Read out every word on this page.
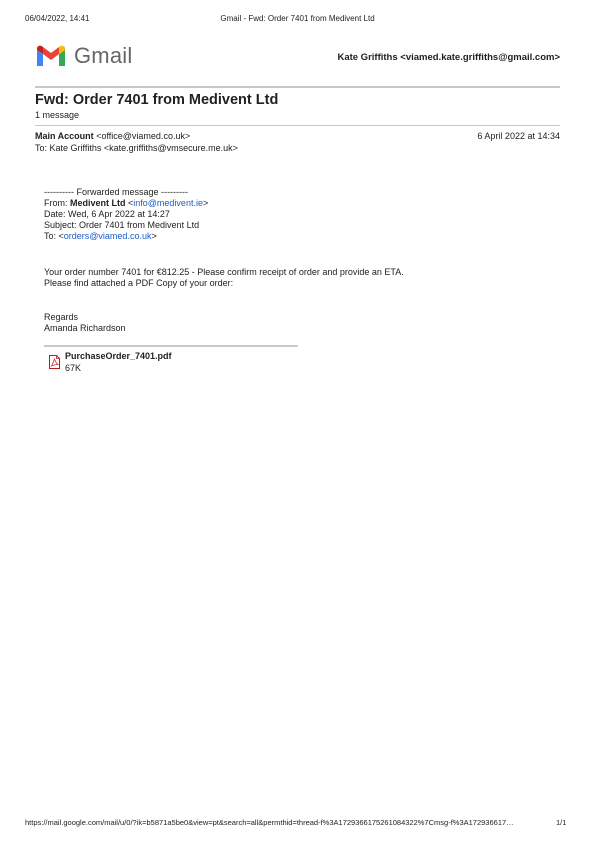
06/04/2022, 14:41	Gmail - Fwd: Order 7401 from Medivent Ltd
Gmail	Kate Griffiths <viamed.kate.griffiths@gmail.com>
Fwd: Order 7401 from Medivent Ltd
1 message
Main Account <office@viamed.co.uk>	6 April 2022 at 14:34
To: Kate Griffiths <kate.griffiths@vmsecure.me.uk>
---------- Forwarded message ---------
From: Medivent Ltd <info@medivent.ie>
Date: Wed, 6 Apr 2022 at 14:27
Subject: Order 7401 from Medivent Ltd
To: <orders@viamed.co.uk>
Your order number 7401 for €812.25 - Please confirm receipt of order and provide an ETA.
Please find attached a PDF Copy of your order:
Regards
Amanda Richardson
PurchaseOrder_7401.pdf
67K
https://mail.google.com/mail/u/0/?ik=b5871a5be0&view=pt&search=all&permthid=thread-f%3A1729366175261084322%7Cmsg-f%3A172936617…	1/1
